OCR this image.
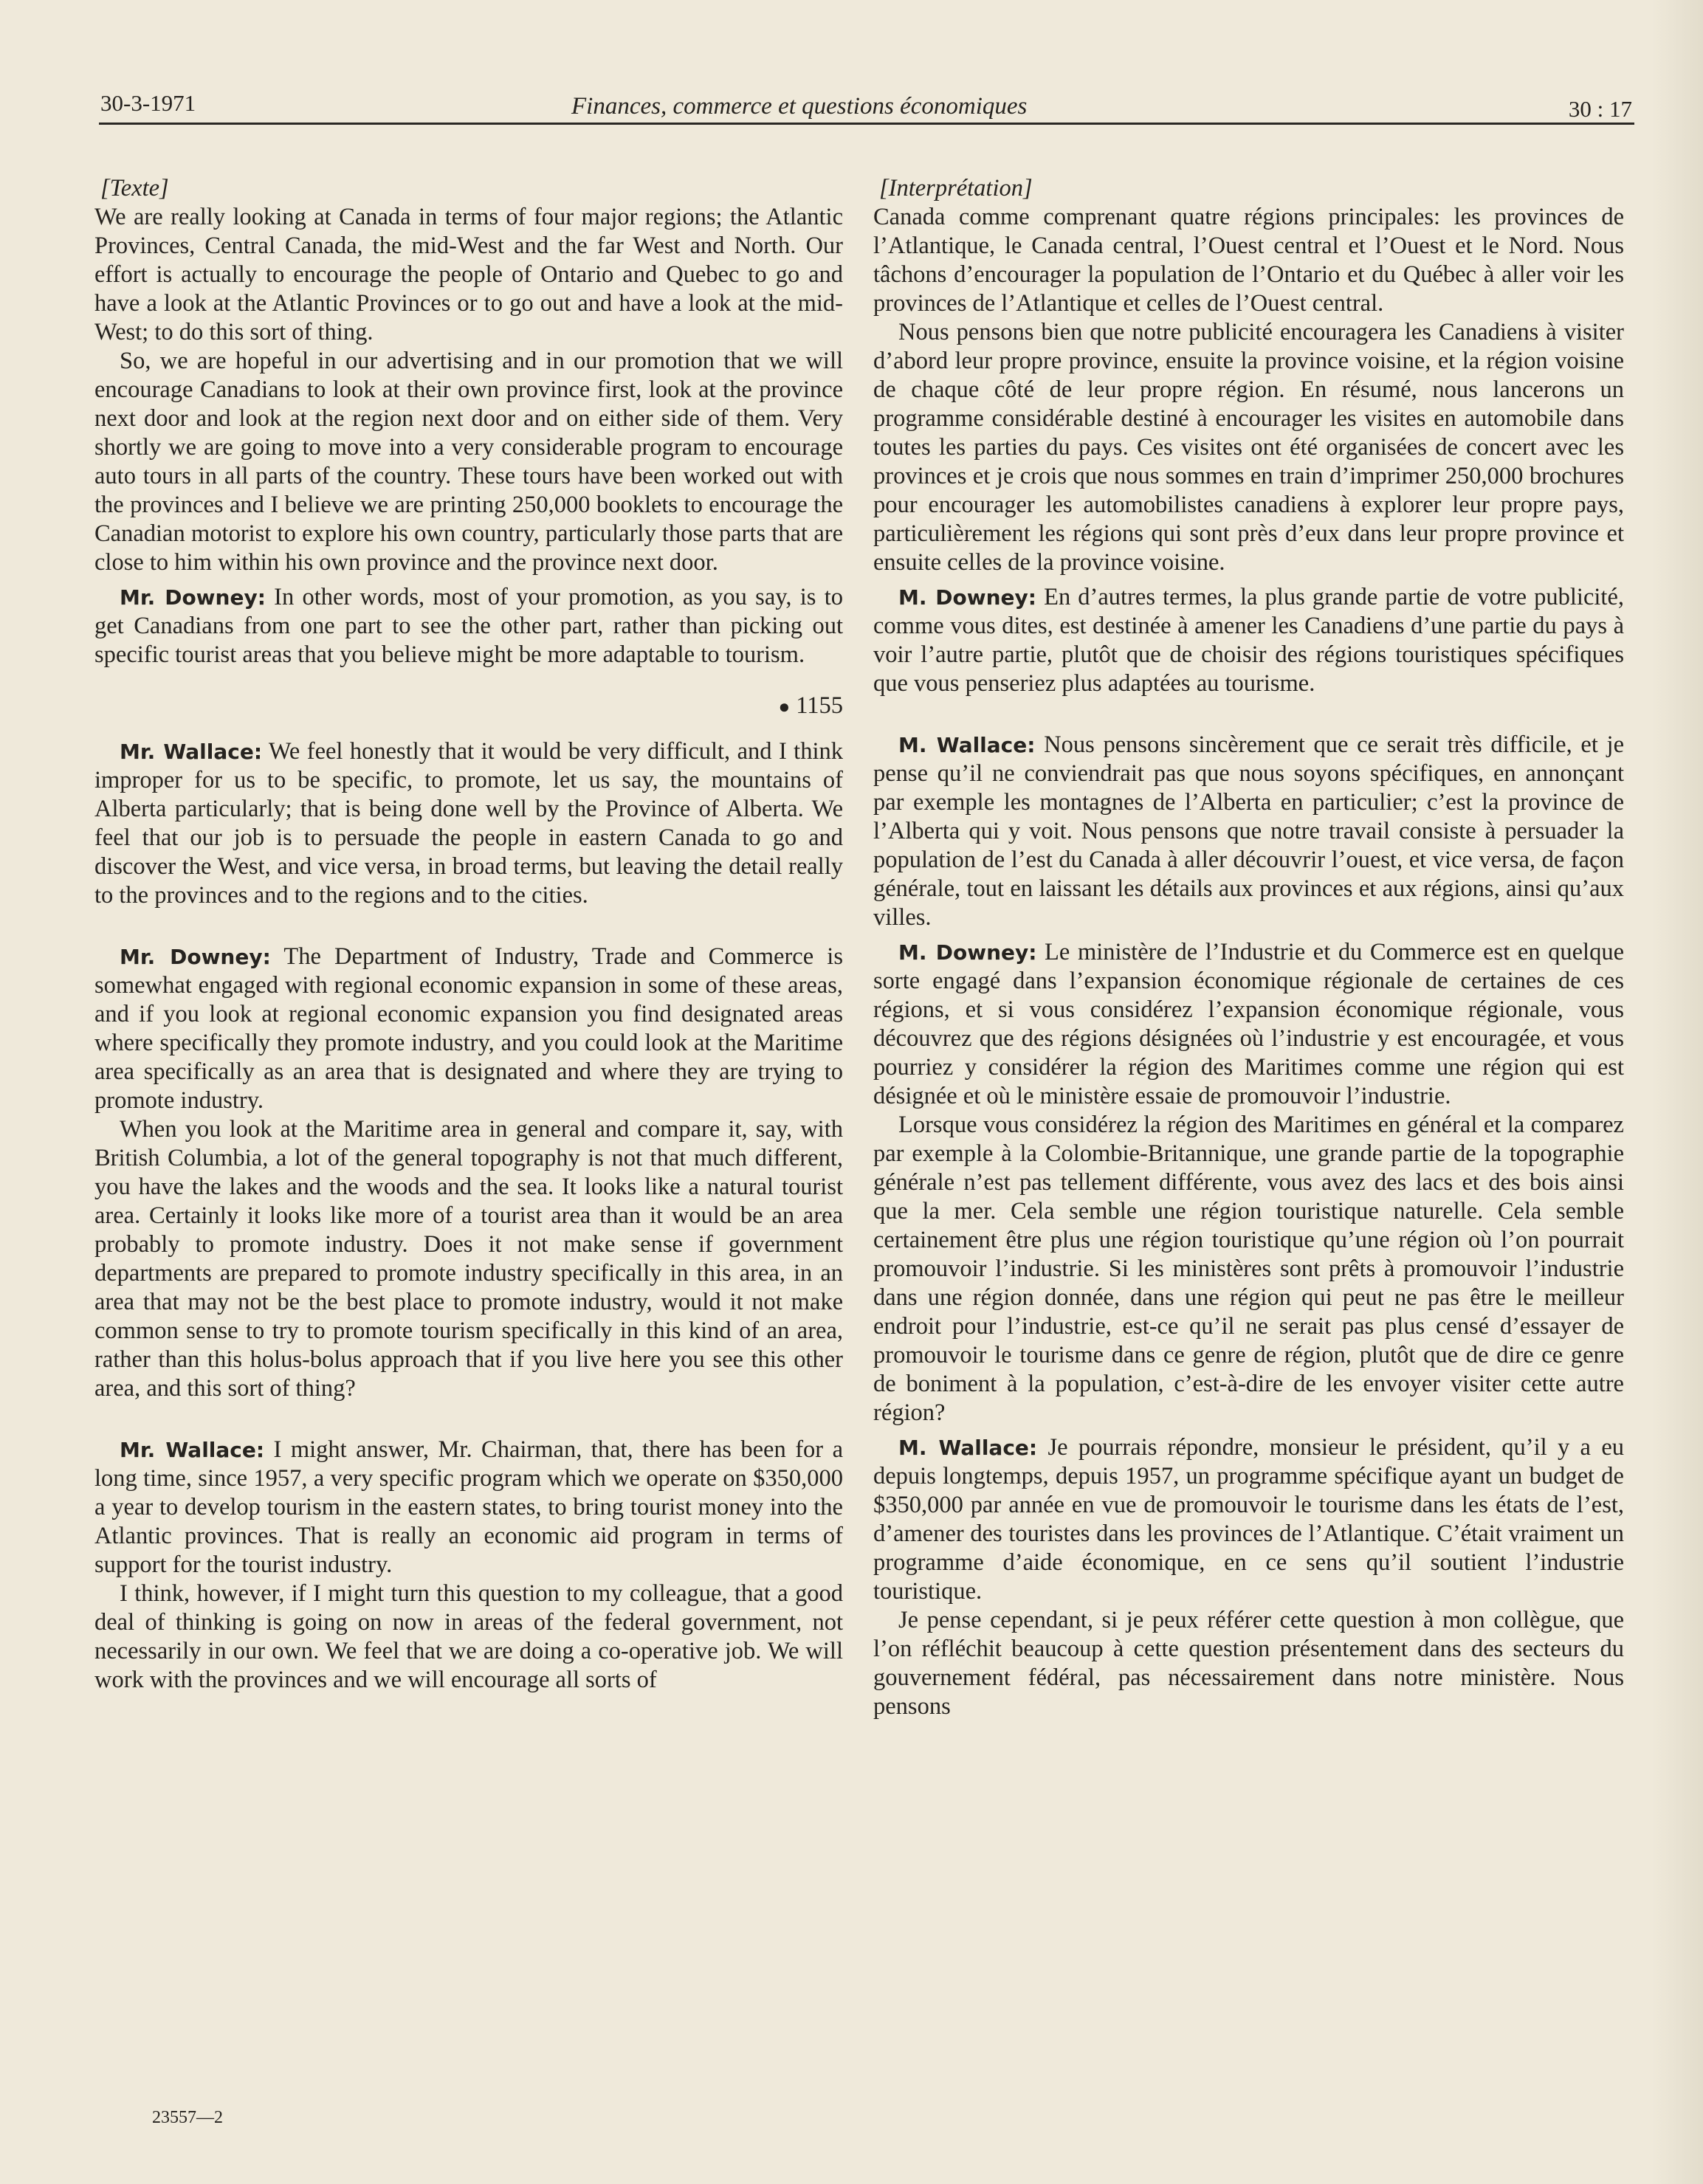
30-3-1971	Finances, commerce et questions économiques	30 : 17

[Texte]

We are really looking at Canada in terms of four major regions; the Atlantic Provinces, Central Canada, the mid-West and the far West and North. Our effort is actually to encourage the people of Ontario and Quebec to go and have a look at the Atlantic Provinces or to go out and have a look at the mid-West; to do this sort of thing.

So, we are hopeful in our advertising and in our promotion that we will encourage Canadians to look at their own province first, look at the province next door and look at the region next door and on either side of them. Very shortly we are going to move into a very considerable program to encourage auto tours in all parts of the country. These tours have been worked out with the provinces and I believe we are printing 250,000 booklets to encourage the Canadian motorist to explore his own country, particularly those parts that are close to him within his own province and the province next door.

Mr. Downey: In other words, most of your promotion, as you say, is to get Canadians from one part to see the other part, rather than picking out specific tourist areas that you believe might be more adaptable to tourism.

● 1155

Mr. Wallace: We feel honestly that it would be very difficult, and I think improper for us to be specific, to promote, let us say, the mountains of Alberta particularly; that is being done well by the Province of Alberta. We feel that our job is to persuade the people in eastern Canada to go and discover the West, and vice versa, in broad terms, but leaving the detail really to the provinces and to the regions and to the cities.

Mr. Downey: The Department of Industry, Trade and Commerce is somewhat engaged with regional economic expansion in some of these areas, and if you look at regional economic expansion you find designated areas where specifically they promote industry, and you could look at the Maritime area specifically as an area that is designated and where they are trying to promote industry.

When you look at the Maritime area in general and compare it, say, with British Columbia, a lot of the general topography is not that much different, you have the lakes and the woods and the sea. It looks like a natural tourist area. Certainly it looks like more of a tourist area than it would be an area probably to promote industry. Does it not make sense if government departments are prepared to promote industry specifically in this area, in an area that may not be the best place to promote industry, would it not make common sense to try to promote tourism specifically in this kind of an area, rather than this holus-bolus approach that if you live here you see this other area, and this sort of thing?

Mr. Wallace: I might answer, Mr. Chairman, that, there has been for a long time, since 1957, a very specific program which we operate on $350,000 a year to develop tourism in the eastern states, to bring tourist money into the Atlantic provinces. That is really an economic aid program in terms of support for the tourist industry.

I think, however, if I might turn this question to my colleague, that a good deal of thinking is going on now in areas of the federal government, not necessarily in our own. We feel that we are doing a co-operative job. We will work with the provinces and we will encourage all sorts of

[Interprétation]

Canada comme comprenant quatre régions principales: les provinces de l’Atlantique, le Canada central, l’Ouest central et l’Ouest et le Nord. Nous tâchons d’encourager la population de l’Ontario et du Québec à aller voir les provinces de l’Atlantique et celles de l’Ouest central.

Nous pensons bien que notre publicité encouragera les Canadiens à visiter d’abord leur propre province, ensuite la province voisine, et la région voisine de chaque côté de leur propre région. En résumé, nous lancerons un programme considérable destiné à encourager les visites en automobile dans toutes les parties du pays. Ces visites ont été organisées de concert avec les provinces et je crois que nous sommes en train d’imprimer 250,000 brochures pour encourager les automobilistes canadiens à explorer leur propre pays, particulièrement les régions qui sont près d’eux dans leur propre province et ensuite celles de la province voisine.

M. Downey: En d’autres termes, la plus grande partie de votre publicité, comme vous dites, est destinée à amener les Canadiens d’une partie du pays à voir l’autre partie, plutôt que de choisir des régions touristiques spécifiques que vous penseriez plus adaptées au tourisme.

M. Wallace: Nous pensons sincèrement que ce serait très difficile, et je pense qu’il ne conviendrait pas que nous soyons spécifiques, en annonçant par exemple les montagnes de l’Alberta en particulier; c’est la province de l’Alberta qui y voit. Nous pensons que notre travail consiste à persuader la population de l’est du Canada à aller découvrir l’ouest, et vice versa, de façon générale, tout en laissant les détails aux provinces et aux régions, ainsi qu’aux villes.

M. Downey: Le ministère de l’Industrie et du Commerce est en quelque sorte engagé dans l’expansion économique régionale de certaines de ces régions, et si vous considérez l’expansion économique régionale, vous découvrez que des régions désignées où l’industrie y est encouragée, et vous pourriez y considérer la région des Maritimes comme une région qui est désignée et où le ministère essaie de promouvoir l’industrie.

Lorsque vous considérez la région des Maritimes en général et la comparez par exemple à la Colombie-Britannique, une grande partie de la topographie générale n’est pas tellement différente, vous avez des lacs et des bois ainsi que la mer. Cela semble une région touristique naturelle. Cela semble certainement être plus une région touristique qu’une région où l’on pourrait promouvoir l’industrie. Si les ministères sont prêts à promouvoir l’industrie dans une région donnée, dans une région qui peut ne pas être le meilleur endroit pour l’industrie, est-ce qu’il ne serait pas plus censé d’essayer de promouvoir le tourisme dans ce genre de région, plutôt que de dire ce genre de boniment à la population, c’est-à-dire de les envoyer visiter cette autre région?

M. Wallace: Je pourrais répondre, monsieur le président, qu’il y a eu depuis longtemps, depuis 1957, un programme spécifique ayant un budget de $350,000 par année en vue de promouvoir le tourisme dans les états de l’est, d’amener des touristes dans les provinces de l’Atlantique. C’était vraiment un programme d’aide économique, en ce sens qu’il soutient l’industrie touristique.

Je pense cependant, si je peux référer cette question à mon collègue, que l’on réfléchit beaucoup à cette question présentement dans des secteurs du gouvernement fédéral, pas nécessairement dans notre ministère. Nous pensons

23557—2
